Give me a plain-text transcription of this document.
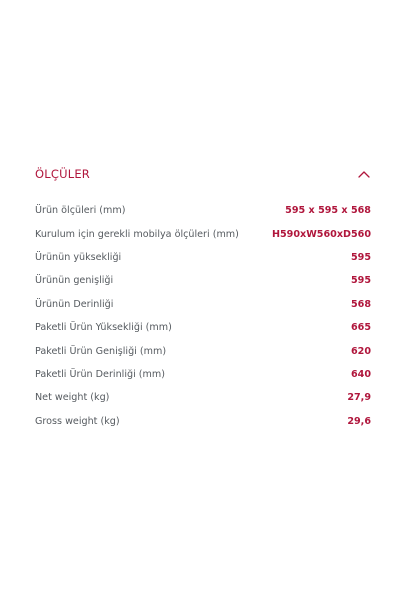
ÖLÇÜLER
Ürün ölçüleri (mm)	595 x 595 x 568
Kurulum için gerekli mobilya ölçüleri (mm)	H590xW560xD560
Ürünün yüksekliği	595
Ürünün genişliği	595
Ürünün Derinliği	568
Paketli Ürün Yüksekliği (mm)	665
Paketli Ürün Genişliği (mm)	620
Paketli Ürün Derinliği (mm)	640
Net weight (kg)	27,9
Gross weight (kg)	29,6
